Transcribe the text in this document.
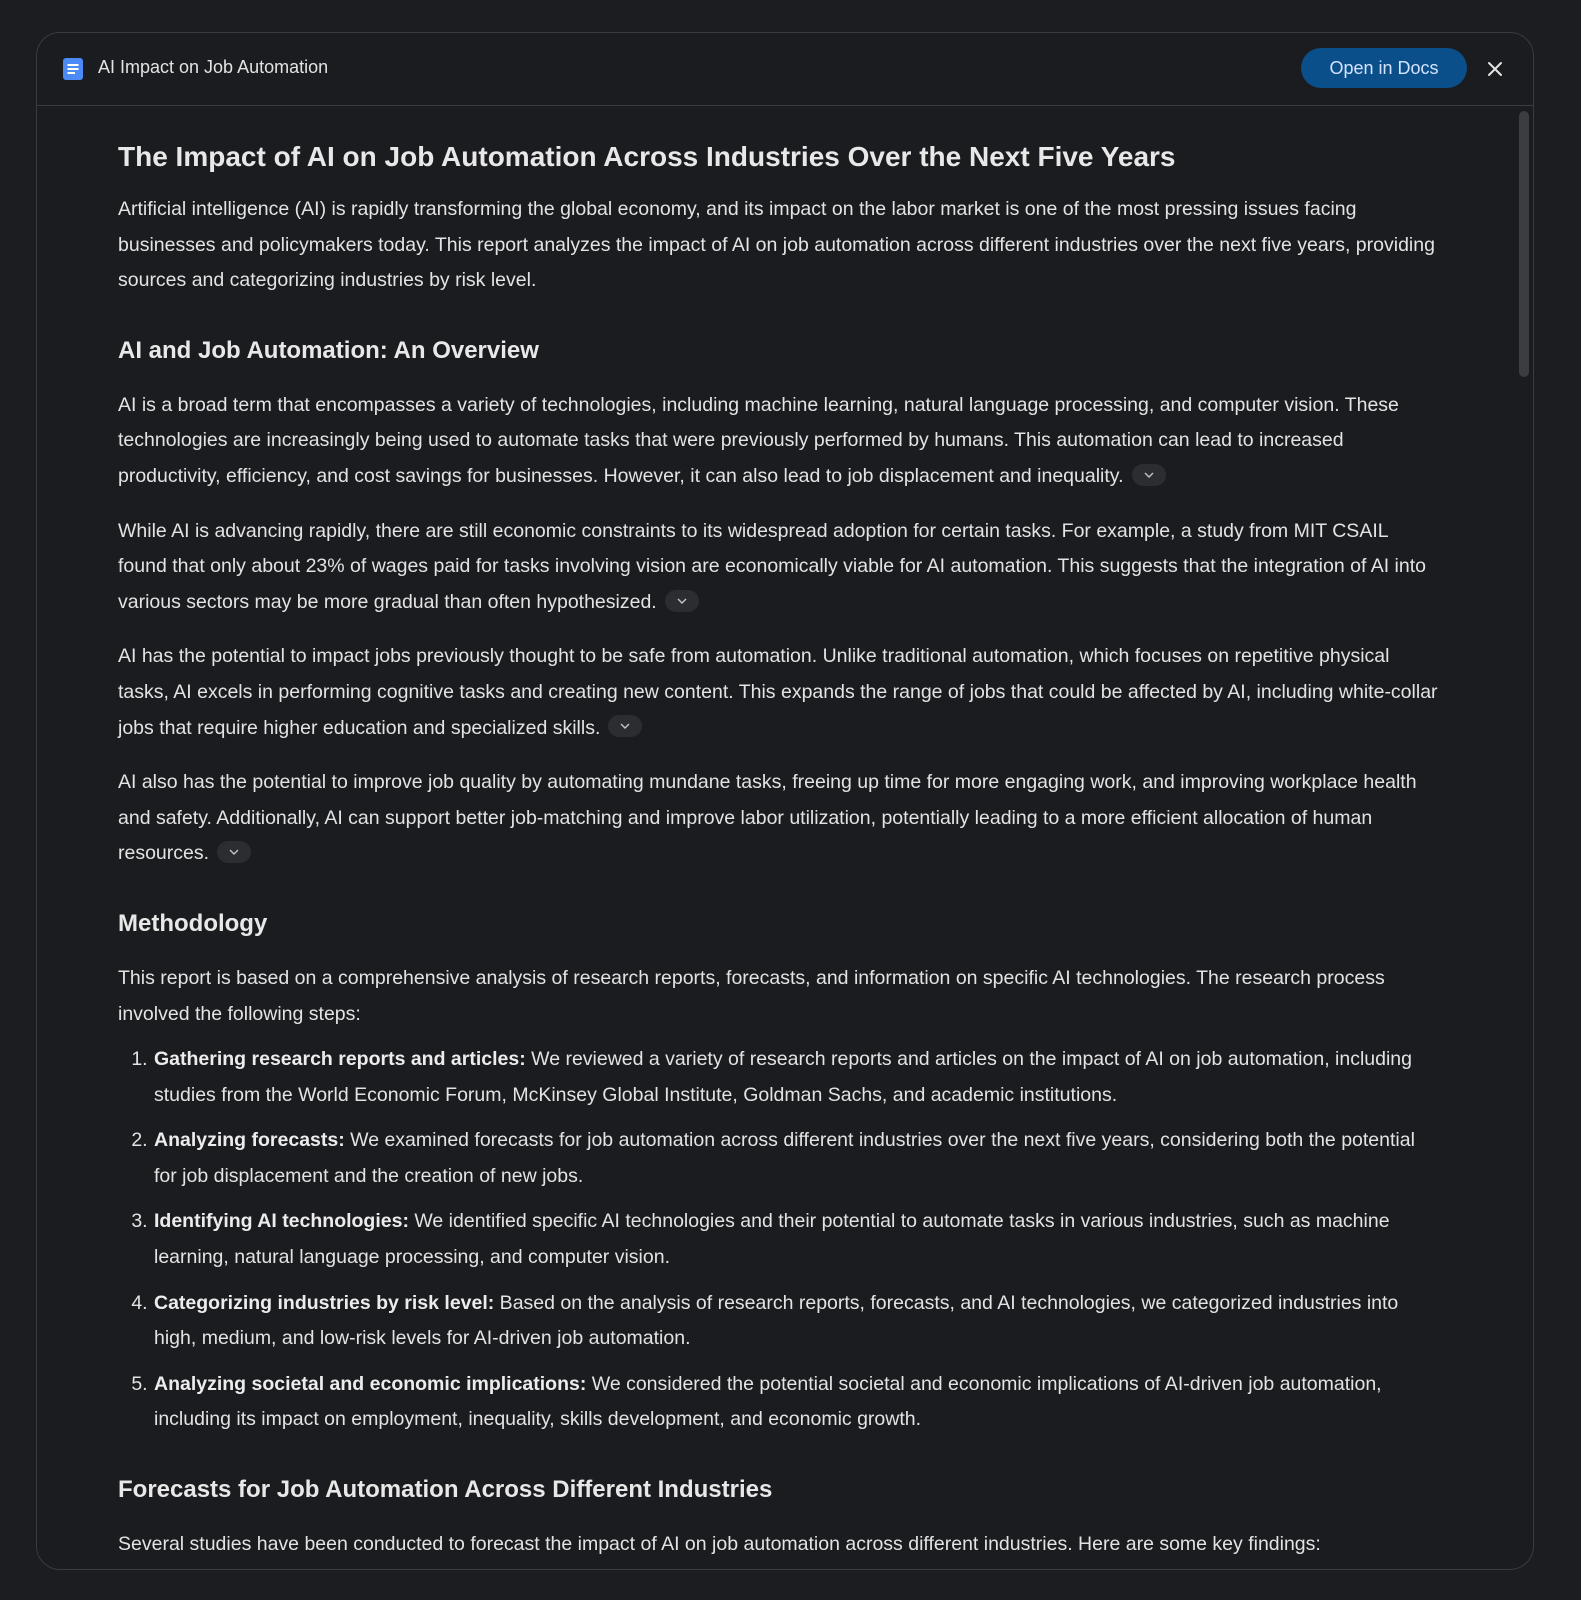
AI Impact on Job Automation	Open in Docs
The Impact of AI on Job Automation Across Industries Over the Next Five Years

Artificial intelligence (AI) is rapidly transforming the global economy, and its impact on the labor market is one of the most pressing issues facing businesses and policymakers today. This report analyzes the impact of AI on job automation across different industries over the next five years, providing sources and categorizing industries by risk level.

AI and Job Automation: An Overview

AI is a broad term that encompasses a variety of technologies, including machine learning, natural language processing, and computer vision. These technologies are increasingly being used to automate tasks that were previously performed by humans. This automation can lead to increased productivity, efficiency, and cost savings for businesses. However, it can also lead to job displacement and inequality.

While AI is advancing rapidly, there are still economic constraints to its widespread adoption for certain tasks. For example, a study from MIT CSAIL found that only about 23% of wages paid for tasks involving vision are economically viable for AI automation. This suggests that the integration of AI into various sectors may be more gradual than often hypothesized.

AI has the potential to impact jobs previously thought to be safe from automation. Unlike traditional automation, which focuses on repetitive physical tasks, AI excels in performing cognitive tasks and creating new content. This expands the range of jobs that could be affected by AI, including white-collar jobs that require higher education and specialized skills.

AI also has the potential to improve job quality by automating mundane tasks, freeing up time for more engaging work, and improving workplace health and safety. Additionally, AI can support better job-matching and improve labor utilization, potentially leading to a more efficient allocation of human resources.

Methodology

This report is based on a comprehensive analysis of research reports, forecasts, and information on specific AI technologies. The research process involved the following steps:

1. Gathering research reports and articles: We reviewed a variety of research reports and articles on the impact of AI on job automation, including studies from the World Economic Forum, McKinsey Global Institute, Goldman Sachs, and academic institutions.
2. Analyzing forecasts: We examined forecasts for job automation across different industries over the next five years, considering both the potential for job displacement and the creation of new jobs.
3. Identifying AI technologies: We identified specific AI technologies and their potential to automate tasks in various industries, such as machine learning, natural language processing, and computer vision.
4. Categorizing industries by risk level: Based on the analysis of research reports, forecasts, and AI technologies, we categorized industries into high, medium, and low-risk levels for AI-driven job automation.
5. Analyzing societal and economic implications: We considered the potential societal and economic implications of AI-driven job automation, including its impact on employment, inequality, skills development, and economic growth.
Forecasts for Job Automation Across Different Industries

Several studies have been conducted to forecast the impact of AI on job automation across different industries. Here are some key findings:
